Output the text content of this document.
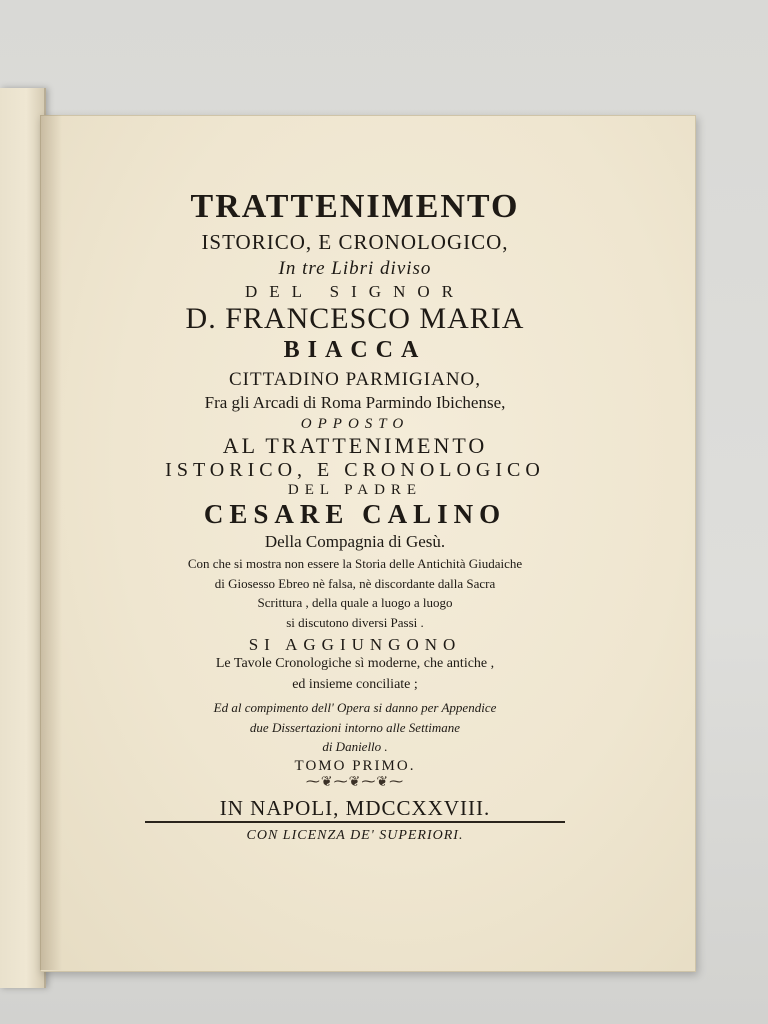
TRATTENIMENTO
ISTORICO, E CRONOLOGICO,
In tre Libri diviso
DEL SIGNOR
D. FRANCESCO MARIA
BIACCA
CITTADINO PARMIGIANO,
Fra gli Arcadi di Roma Parmindo Ibichense,
OPPOSTO
AL TRATTENIMENTO
ISTORICO, E CRONOLOGICO
DEL PADRE
CESARE CALINO
Della Compagnia di Gesù.
Con che si mostra non essere la Storia delle Antichità Giudaiche
di Giosesso Ebreo nè falsa, nè discordante dalla Sacra
Scrittura , della quale a luogo a luogo
si discutono diversi Passi .
SI AGGIUNGONO
Le Tavole Cronologiche sì moderne, che antiche ,
ed insieme conciliate ;
Ed al compimento dell' Opera si danno per Appendice
due Dissertazioni intorno alle Settimane
di Daniello .
TOMO PRIMO.
⁓❦⁓❦⁓❦⁓
IN NAPOLI, MDCCXXVIII.
CON LICENZA DE' SUPERIORI.
